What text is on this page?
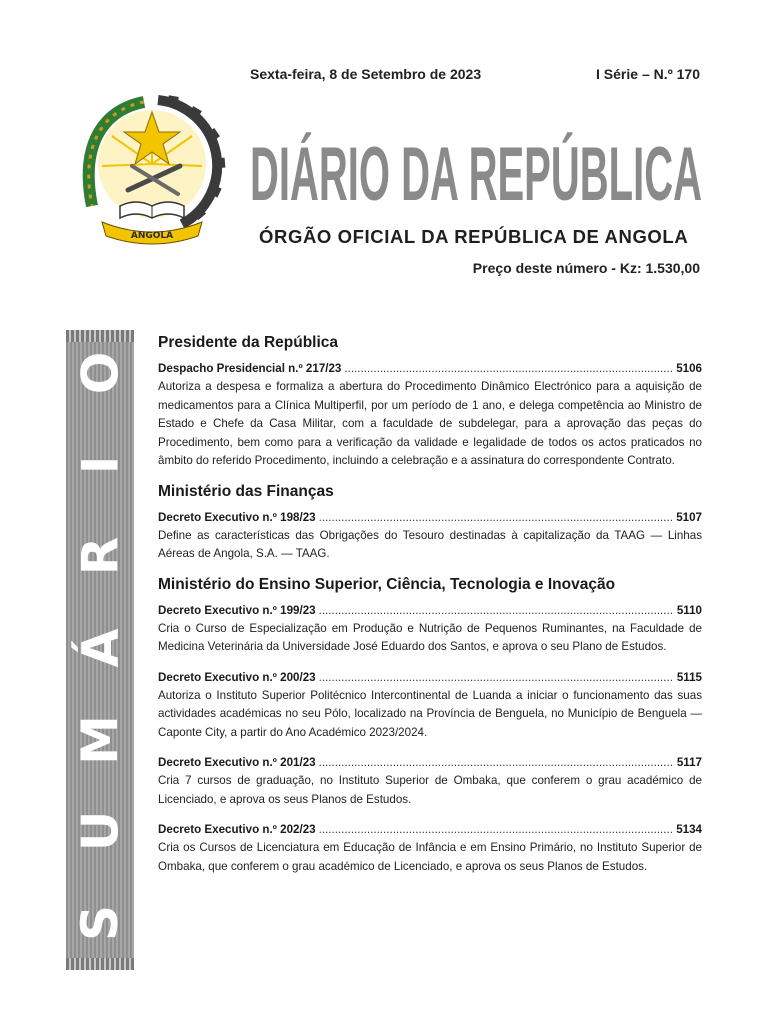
ANGOLA
Sexta-feira, 8 de Setembro de 2023	I Série – N.º 170
DIÁRIO DA REPÚBLICA
ÓRGÃO OFICIAL DA REPÚBLICA DE ANGOLA
Preço deste número - Kz: 1.530,00
O
I
R
Á
M
U
S
Presidente da República
Despacho Presidencial n.º 217/23 .....	5106
Autoriza a despesa e formaliza a abertura do Procedimento Dinâmico Electrónico para a aquisição de medicamentos para a Clínica Multiperfil, por um período de 1 ano, e delega competência ao Ministro de Estado e Chefe da Casa Militar, com a faculdade de subdelegar, para a aprovação das peças do Procedimento, bem como para a verificação da validade e legalidade de todos os actos praticados no âmbito do referido Procedimento, incluindo a celebração e a assinatura do correspondente Contrato.
Ministério das Finanças
Decreto Executivo n.º 198/23 .....	5107
Define as características das Obrigações do Tesouro destinadas à capitalização da TAAG — Linhas Aéreas de Angola, S.A. — TAAG.
Ministério do Ensino Superior, Ciência, Tecnologia e Inovação
Decreto Executivo n.º 199/23 .....	5110
Cria o Curso de Especialização em Produção e Nutrição de Pequenos Ruminantes, na Faculdade de Medicina Veterinária da Universidade José Eduardo dos Santos, e aprova o seu Plano de Estudos.
Decreto Executivo n.º 200/23 .....	5115
Autoriza o Instituto Superior Politécnico Intercontinental de Luanda a iniciar o funcionamento das suas actividades académicas no seu Pólo, localizado na Província de Benguela, no Município de Benguela — Caponte City, a partir do Ano Académico 2023/2024.
Decreto Executivo n.º 201/23 .....	5117
Cria 7 cursos de graduação, no Instituto Superior de Ombaka, que conferem o grau académico de Licenciado, e aprova os seus Planos de Estudos.
Decreto Executivo n.º 202/23 .....	5134
Cria os Cursos de Licenciatura em Educação de Infância e em Ensino Primário, no Instituto Superior de Ombaka, que conferem o grau académico de Licenciado, e aprova os seus Planos de Estudos.
